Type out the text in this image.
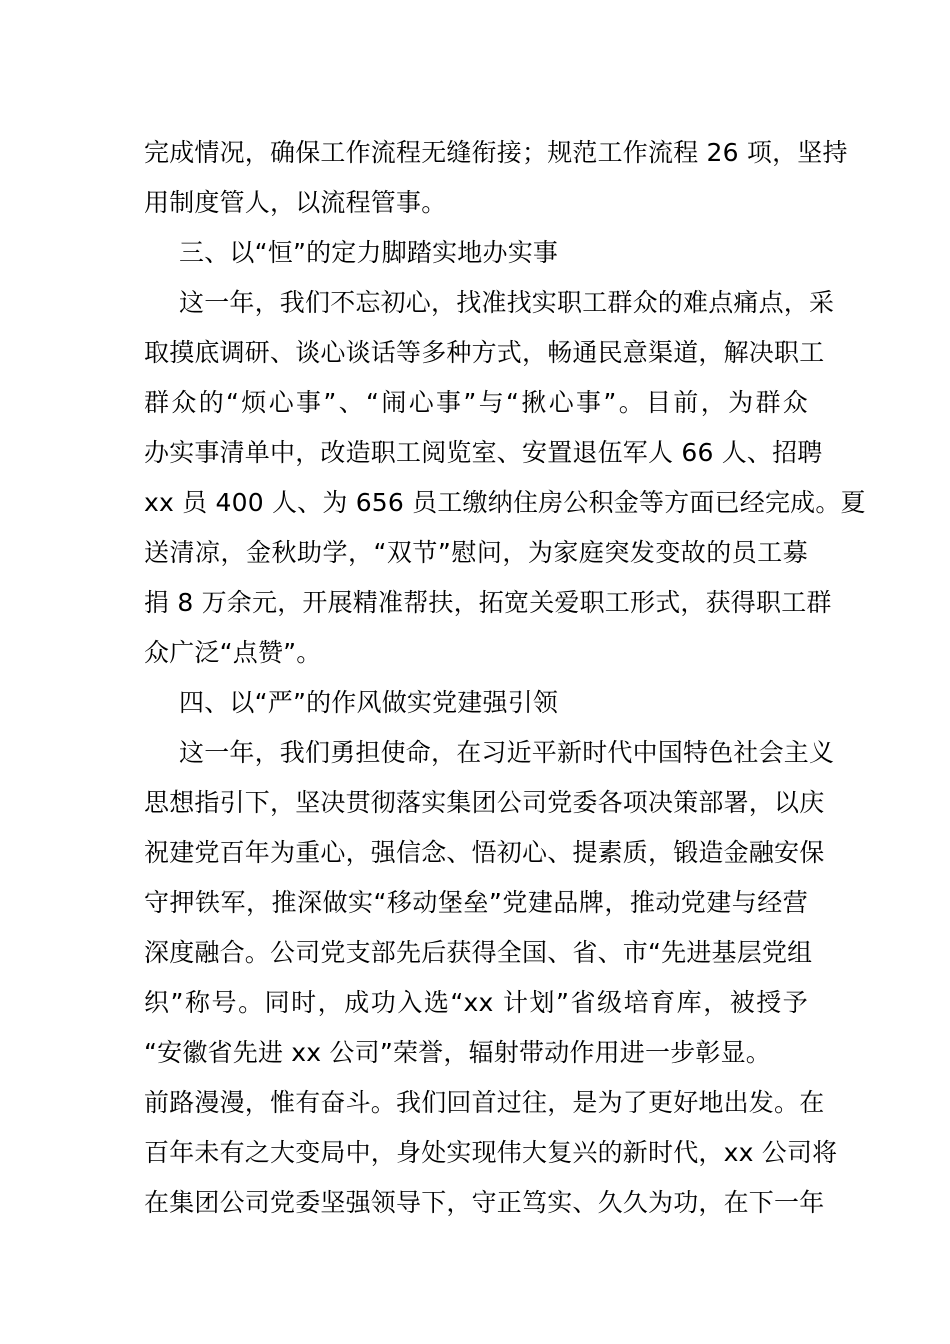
完成情况，确保工作流程无缝衔接；规范工作流程 26 项，坚持
用制度管人，以流程管事。
三、以“恒”的定力脚踏实地办实事
这一年，我们不忘初心，找准找实职工群众的难点痛点，采
取摸底调研、谈心谈话等多种方式，畅通民意渠道，解决职工
群众的“烦心事”、“闹心事”与“揪心事”。目前，为群众
办实事清单中，改造职工阅览室、安置退伍军人 66 人、招聘
xx 员 400 人、为 656 员工缴纳住房公积金等方面已经完成。夏
送清凉，金秋助学，“双节”慰问，为家庭突发变故的员工募
捐 8 万余元，开展精准帮扶，拓宽关爱职工形式，获得职工群
众广泛“点赞”。
四、以“严”的作风做实党建强引领
这一年，我们勇担使命，在习近平新时代中国特色社会主义
思想指引下，坚决贯彻落实集团公司党委各项决策部署，以庆
祝建党百年为重心，强信念、悟初心、提素质，锻造金融安保
守押铁军，推深做实“移动堡垒”党建品牌，推动党建与经营
深度融合。公司党支部先后获得全国、省、市“先进基层党组
织”称号。同时，成功入选“xx 计划”省级培育库，被授予
“安徽省先进 xx 公司”荣誉，辐射带动作用进一步彰显。
前路漫漫，惟有奋斗。我们回首过往，是为了更好地出发。在
百年未有之大变局中，身处实现伟大复兴的新时代，xx 公司将
在集团公司党委坚强领导下，守正笃实、久久为功，在下一年
